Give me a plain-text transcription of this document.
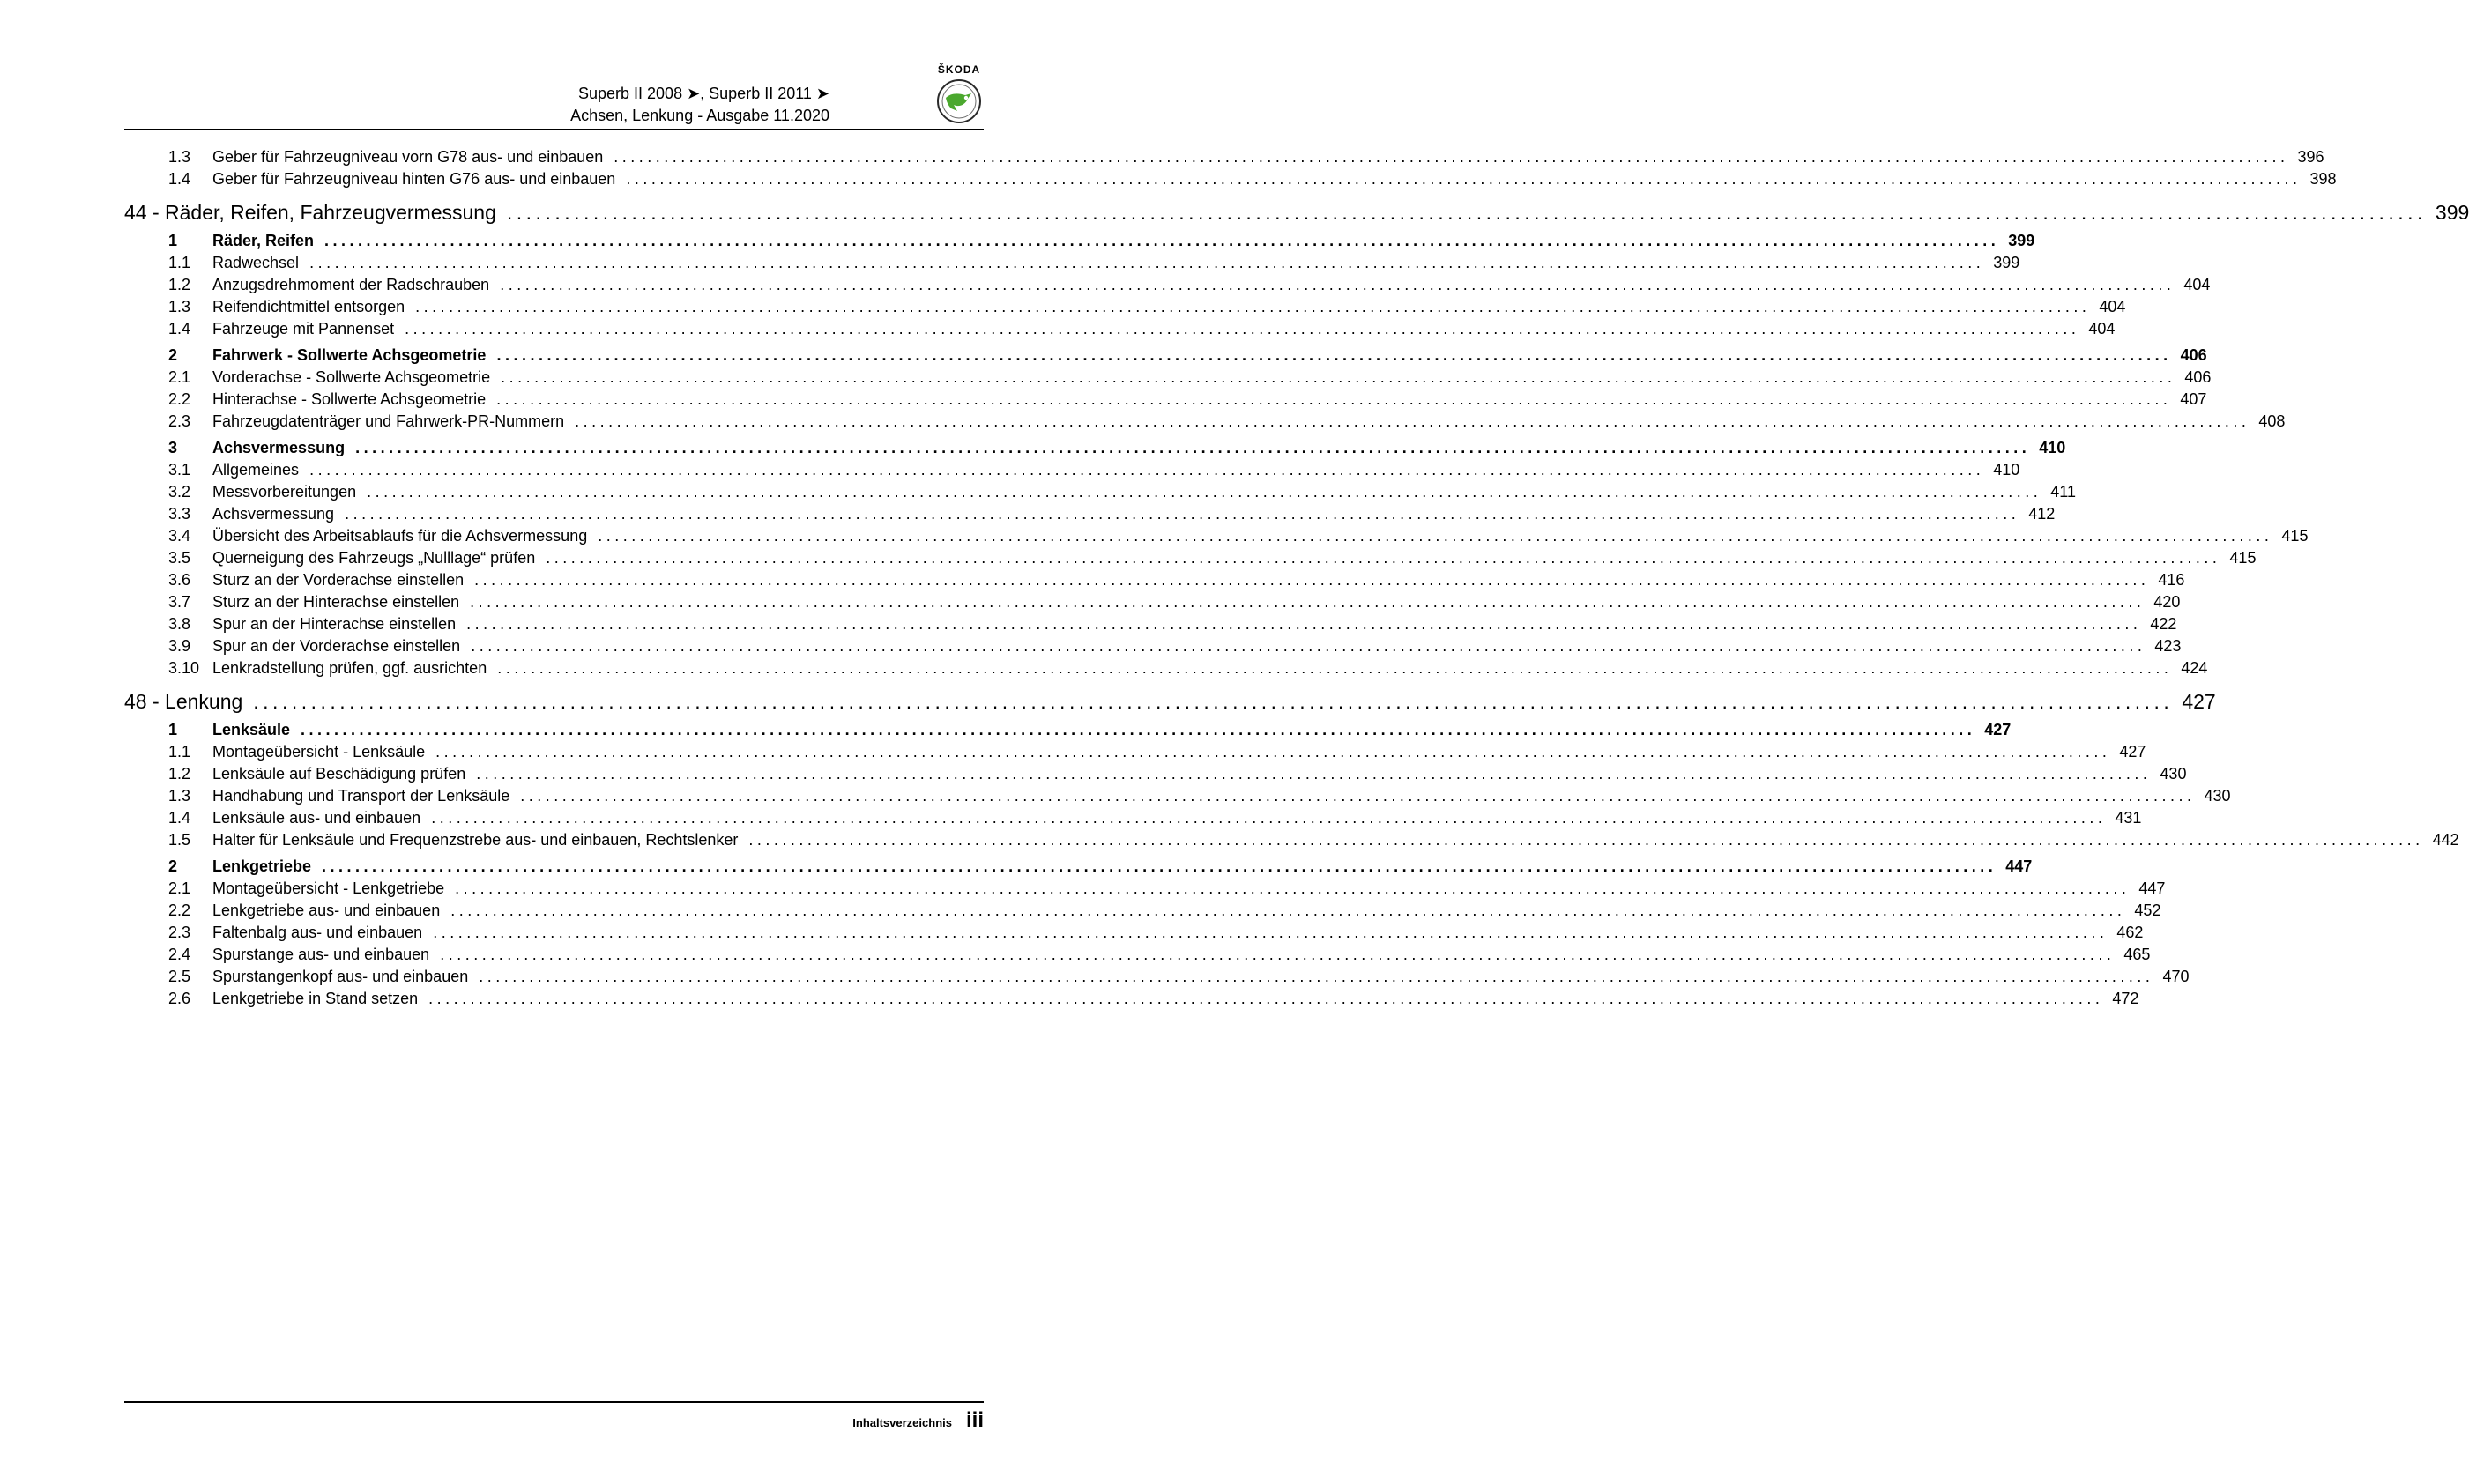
ŠKODA
Superb II 2008 ➤, Superb II 2011 ➤
Achsen, Lenkung - Ausgabe 11.2020
1.3	Geber für Fahrzeugniveau vorn G78 aus- und einbauen ........................................................................................................................................................................................................ 396
1.4	Geber für Fahrzeugniveau hinten G76 aus- und einbauen ........................................................................................................................................................................................................ 398
44 - Räder, Reifen, Fahrzeugvermessung ........................................................................................................................................................................................................ 399
1	Räder, Reifen ........................................................................................................................................................................................................ 399
1.1	Radwechsel ........................................................................................................................................................................................................ 399
1.2	Anzugsdrehmoment der Radschrauben ........................................................................................................................................................................................................ 404
1.3	Reifendichtmittel entsorgen ........................................................................................................................................................................................................ 404
1.4	Fahrzeuge mit Pannenset ........................................................................................................................................................................................................ 404
2	Fahrwerk - Sollwerte Achsgeometrie ........................................................................................................................................................................................................ 406
2.1	Vorderachse - Sollwerte Achsgeometrie ........................................................................................................................................................................................................ 406
2.2	Hinterachse - Sollwerte Achsgeometrie ........................................................................................................................................................................................................ 407
2.3	Fahrzeugdatenträger und Fahrwerk-PR-Nummern ........................................................................................................................................................................................................ 408
3	Achsvermessung ........................................................................................................................................................................................................ 410
3.1	Allgemeines ........................................................................................................................................................................................................ 410
3.2	Messvorbereitungen ........................................................................................................................................................................................................ 411
3.3	Achsvermessung ........................................................................................................................................................................................................ 412
3.4	Übersicht des Arbeitsablaufs für die Achsvermessung ........................................................................................................................................................................................................ 415
3.5	Querneigung des Fahrzeugs „Nulllage“ prüfen ........................................................................................................................................................................................................ 415
3.6	Sturz an der Vorderachse einstellen ........................................................................................................................................................................................................ 416
3.7	Sturz an der Hinterachse einstellen ........................................................................................................................................................................................................ 420
3.8	Spur an der Hinterachse einstellen ........................................................................................................................................................................................................ 422
3.9	Spur an der Vorderachse einstellen ........................................................................................................................................................................................................ 423
3.10 Lenkradstellung prüfen, ggf. ausrichten ........................................................................................................................................................................................................ 424
48 - Lenkung ........................................................................................................................................................................................................ 427
1	Lenksäule ........................................................................................................................................................................................................ 427
1.1	Montageübersicht - Lenksäule ........................................................................................................................................................................................................ 427
1.2	Lenksäule auf Beschädigung prüfen ........................................................................................................................................................................................................ 430
1.3	Handhabung und Transport der Lenksäule ........................................................................................................................................................................................................ 430
1.4	Lenksäule aus- und einbauen ........................................................................................................................................................................................................ 431
1.5	Halter für Lenksäule und Frequenzstrebe aus- und einbauen, Rechtslenker ........................................................................................................................................................................................................ 442
2	Lenkgetriebe ........................................................................................................................................................................................................ 447
2.1	Montageübersicht - Lenkgetriebe ........................................................................................................................................................................................................ 447
2.2	Lenkgetriebe aus- und einbauen ........................................................................................................................................................................................................ 452
2.3	Faltenbalg aus- und einbauen ........................................................................................................................................................................................................ 462
2.4	Spurstange aus- und einbauen ........................................................................................................................................................................................................ 465
2.5	Spurstangenkopf aus- und einbauen ........................................................................................................................................................................................................ 470
2.6	Lenkgetriebe in Stand setzen ........................................................................................................................................................................................................ 472
Inhaltsverzeichnis iii
